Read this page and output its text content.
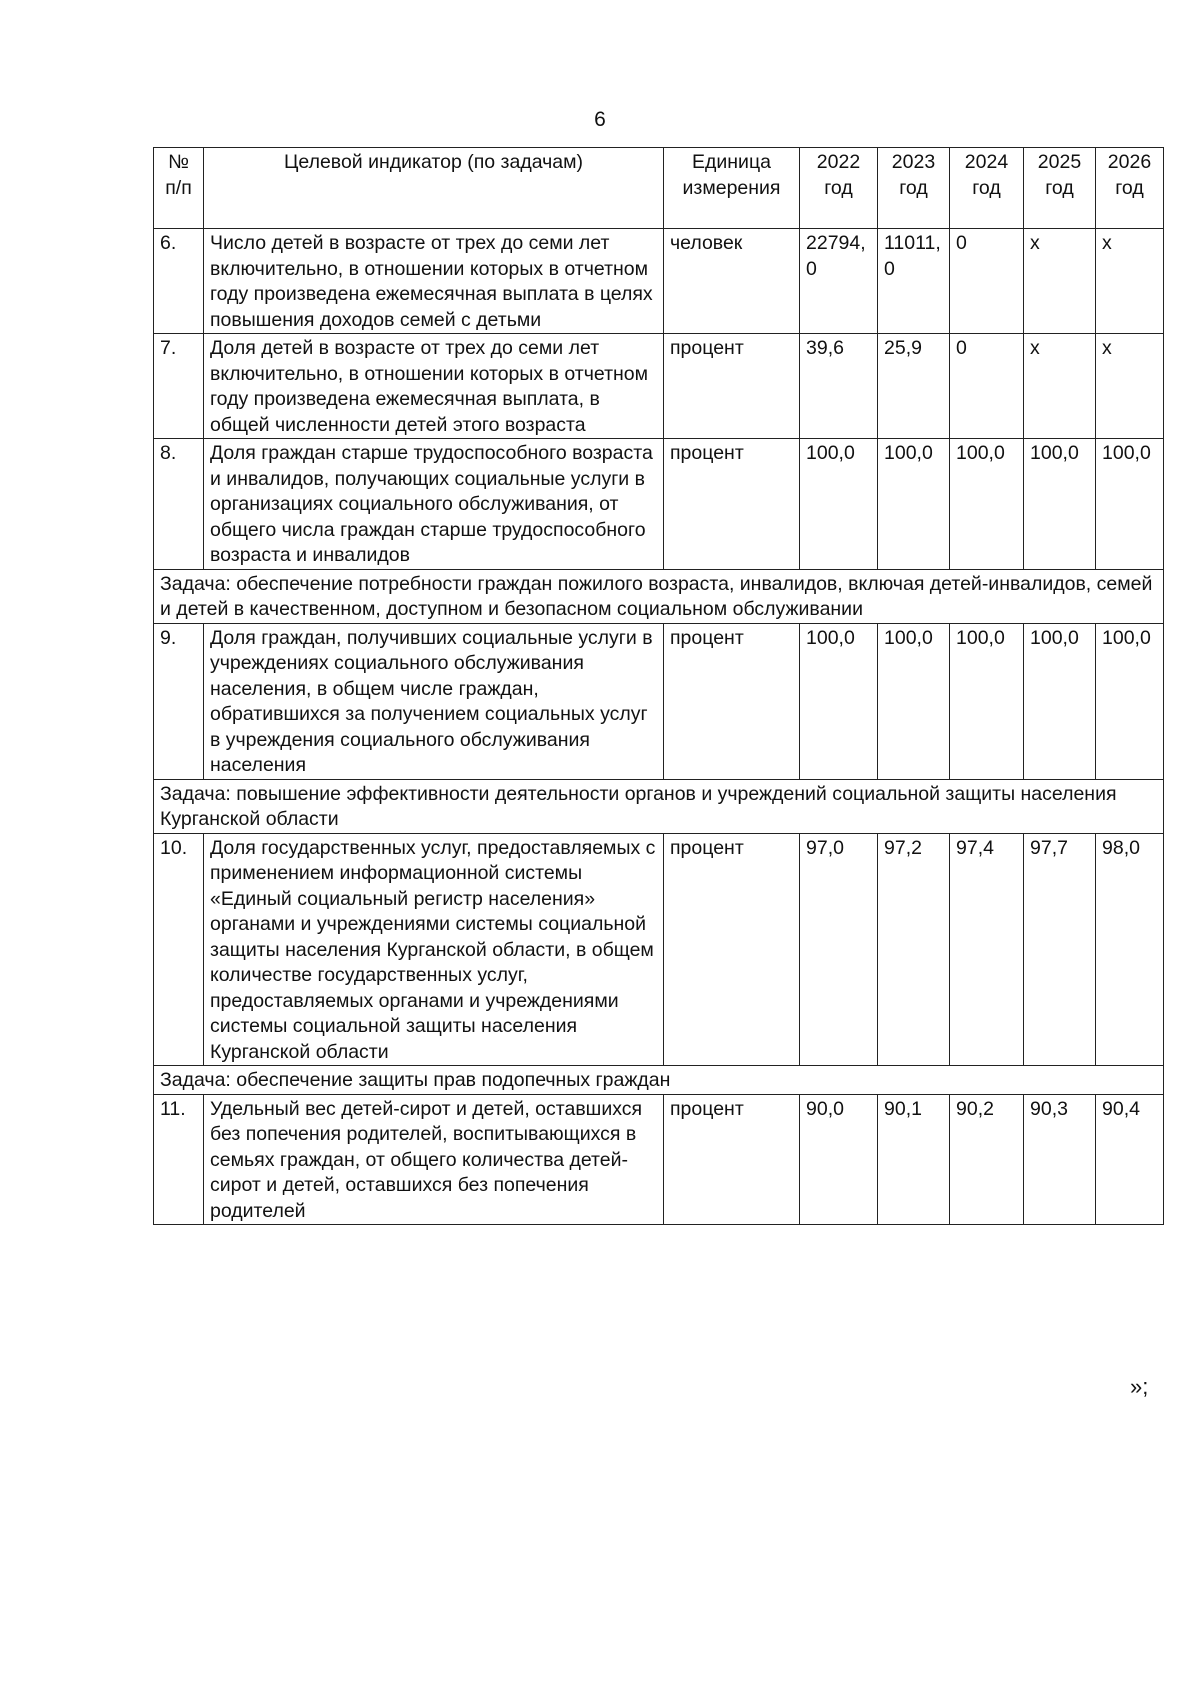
6
№ п/п	Целевой индикатор (по задачам)	Единица измерения	2022 год	2023 год	2024 год	2025 год	2026 год
6.	Число детей в возрасте от трех до семи лет включительно, в отношении которых в отчетном году произведена ежемесячная выплата в целях повышения доходов семей с детьми	человек	22794,0	11011,0	0	x	x
7.	Доля детей в возрасте от трех до семи лет включительно, в отношении которых в отчетном году произведена ежемесячная выплата, в общей численности детей этого возраста	процент	39,6	25,9	0	x	x
8.	Доля граждан старше трудоспособного возраста и инвалидов, получающих социальные услуги в организациях социального обслуживания, от общего числа граждан старше трудоспособного возраста и инвалидов	процент	100,0	100,0	100,0	100,0	100,0
Задача: обеспечение потребности граждан пожилого возраста, инвалидов, включая детей-инвалидов, семей и детей в качественном, доступном и безопасном социальном обслуживании							
9.	Доля граждан, получивших социальные услуги в учреждениях социального обслуживания населения, в общем числе граждан, обратившихся за получением социальных услуг в учреждения социального обслуживания населения	процент	100,0	100,0	100,0	100,0	100,0
Задача: повышение эффективности деятельности органов и учреждений социальной защиты населения Курганской области							
10.	Доля государственных услуг, предоставляемых с применением информационной системы «Единый социальный регистр населения» органами и учреждениями системы социальной защиты населения Курганской области, в общем количестве государственных услуг, предоставляемых органами и учреждениями системы социальной защиты населения Курганской области	процент	97,0	97,2	97,4	97,7	98,0
Задача: обеспечение защиты прав подопечных граждан							
11.	Удельный вес детей-сирот и детей, оставшихся без попечения родителей, воспитывающихся в семьях граждан, от общего количества детей-сирот и детей, оставшихся без попечения родителей	процент	90,0	90,1	90,2	90,3	90,4
»;
